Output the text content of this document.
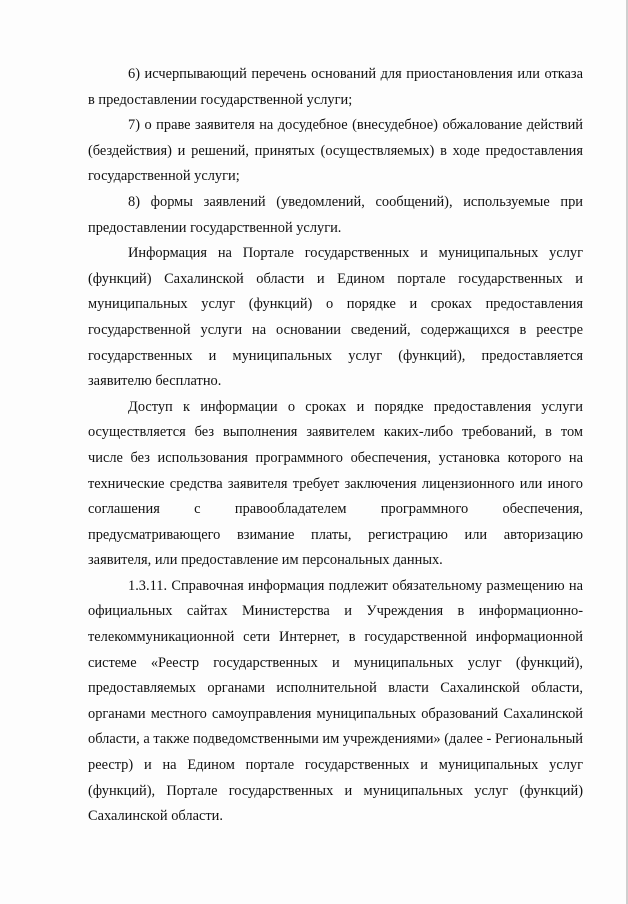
6) исчерпывающий перечень оснований для приостановления или отказа в предоставлении государственной услуги;

7) о праве заявителя на досудебное (внесудебное) обжалование действий (бездействия) и решений, принятых (осуществляемых) в ходе предоставления государственной услуги;

8) формы заявлений (уведомлений, сообщений), используемые при предоставлении государственной услуги.

Информация на Портале государственных и муниципальных услуг (функций) Сахалинской области и Едином портале государственных и муниципальных услуг (функций) о порядке и сроках предоставления государственной услуги на основании сведений, содержащихся в реестре государственных и муниципальных услуг (функций), предоставляется заявителю бесплатно.

Доступ к информации о сроках и порядке предоставления услуги осуществляется без выполнения заявителем каких-либо требований, в том числе без использования программного обеспечения, установка которого на технические средства заявителя требует заключения лицензионного или иного соглашения с правообладателем программного обеспечения, предусматривающего взимание платы, регистрацию или авторизацию заявителя, или предоставление им персональных данных.

1.3.11. Справочная информация подлежит обязательному размещению на официальных сайтах Министерства и Учреждения в информационно-телекоммуникационной сети Интернет, в государственной информационной системе «Реестр государственных и муниципальных услуг (функций), предоставляемых органами исполнительной власти Сахалинской области, органами местного самоуправления муниципальных образований Сахалинской области, а также подведомственными им учреждениями» (далее - Региональный реестр) и на Едином портале государственных и муниципальных услуг (функций), Портале государственных и муниципальных услуг (функций) Сахалинской области.
